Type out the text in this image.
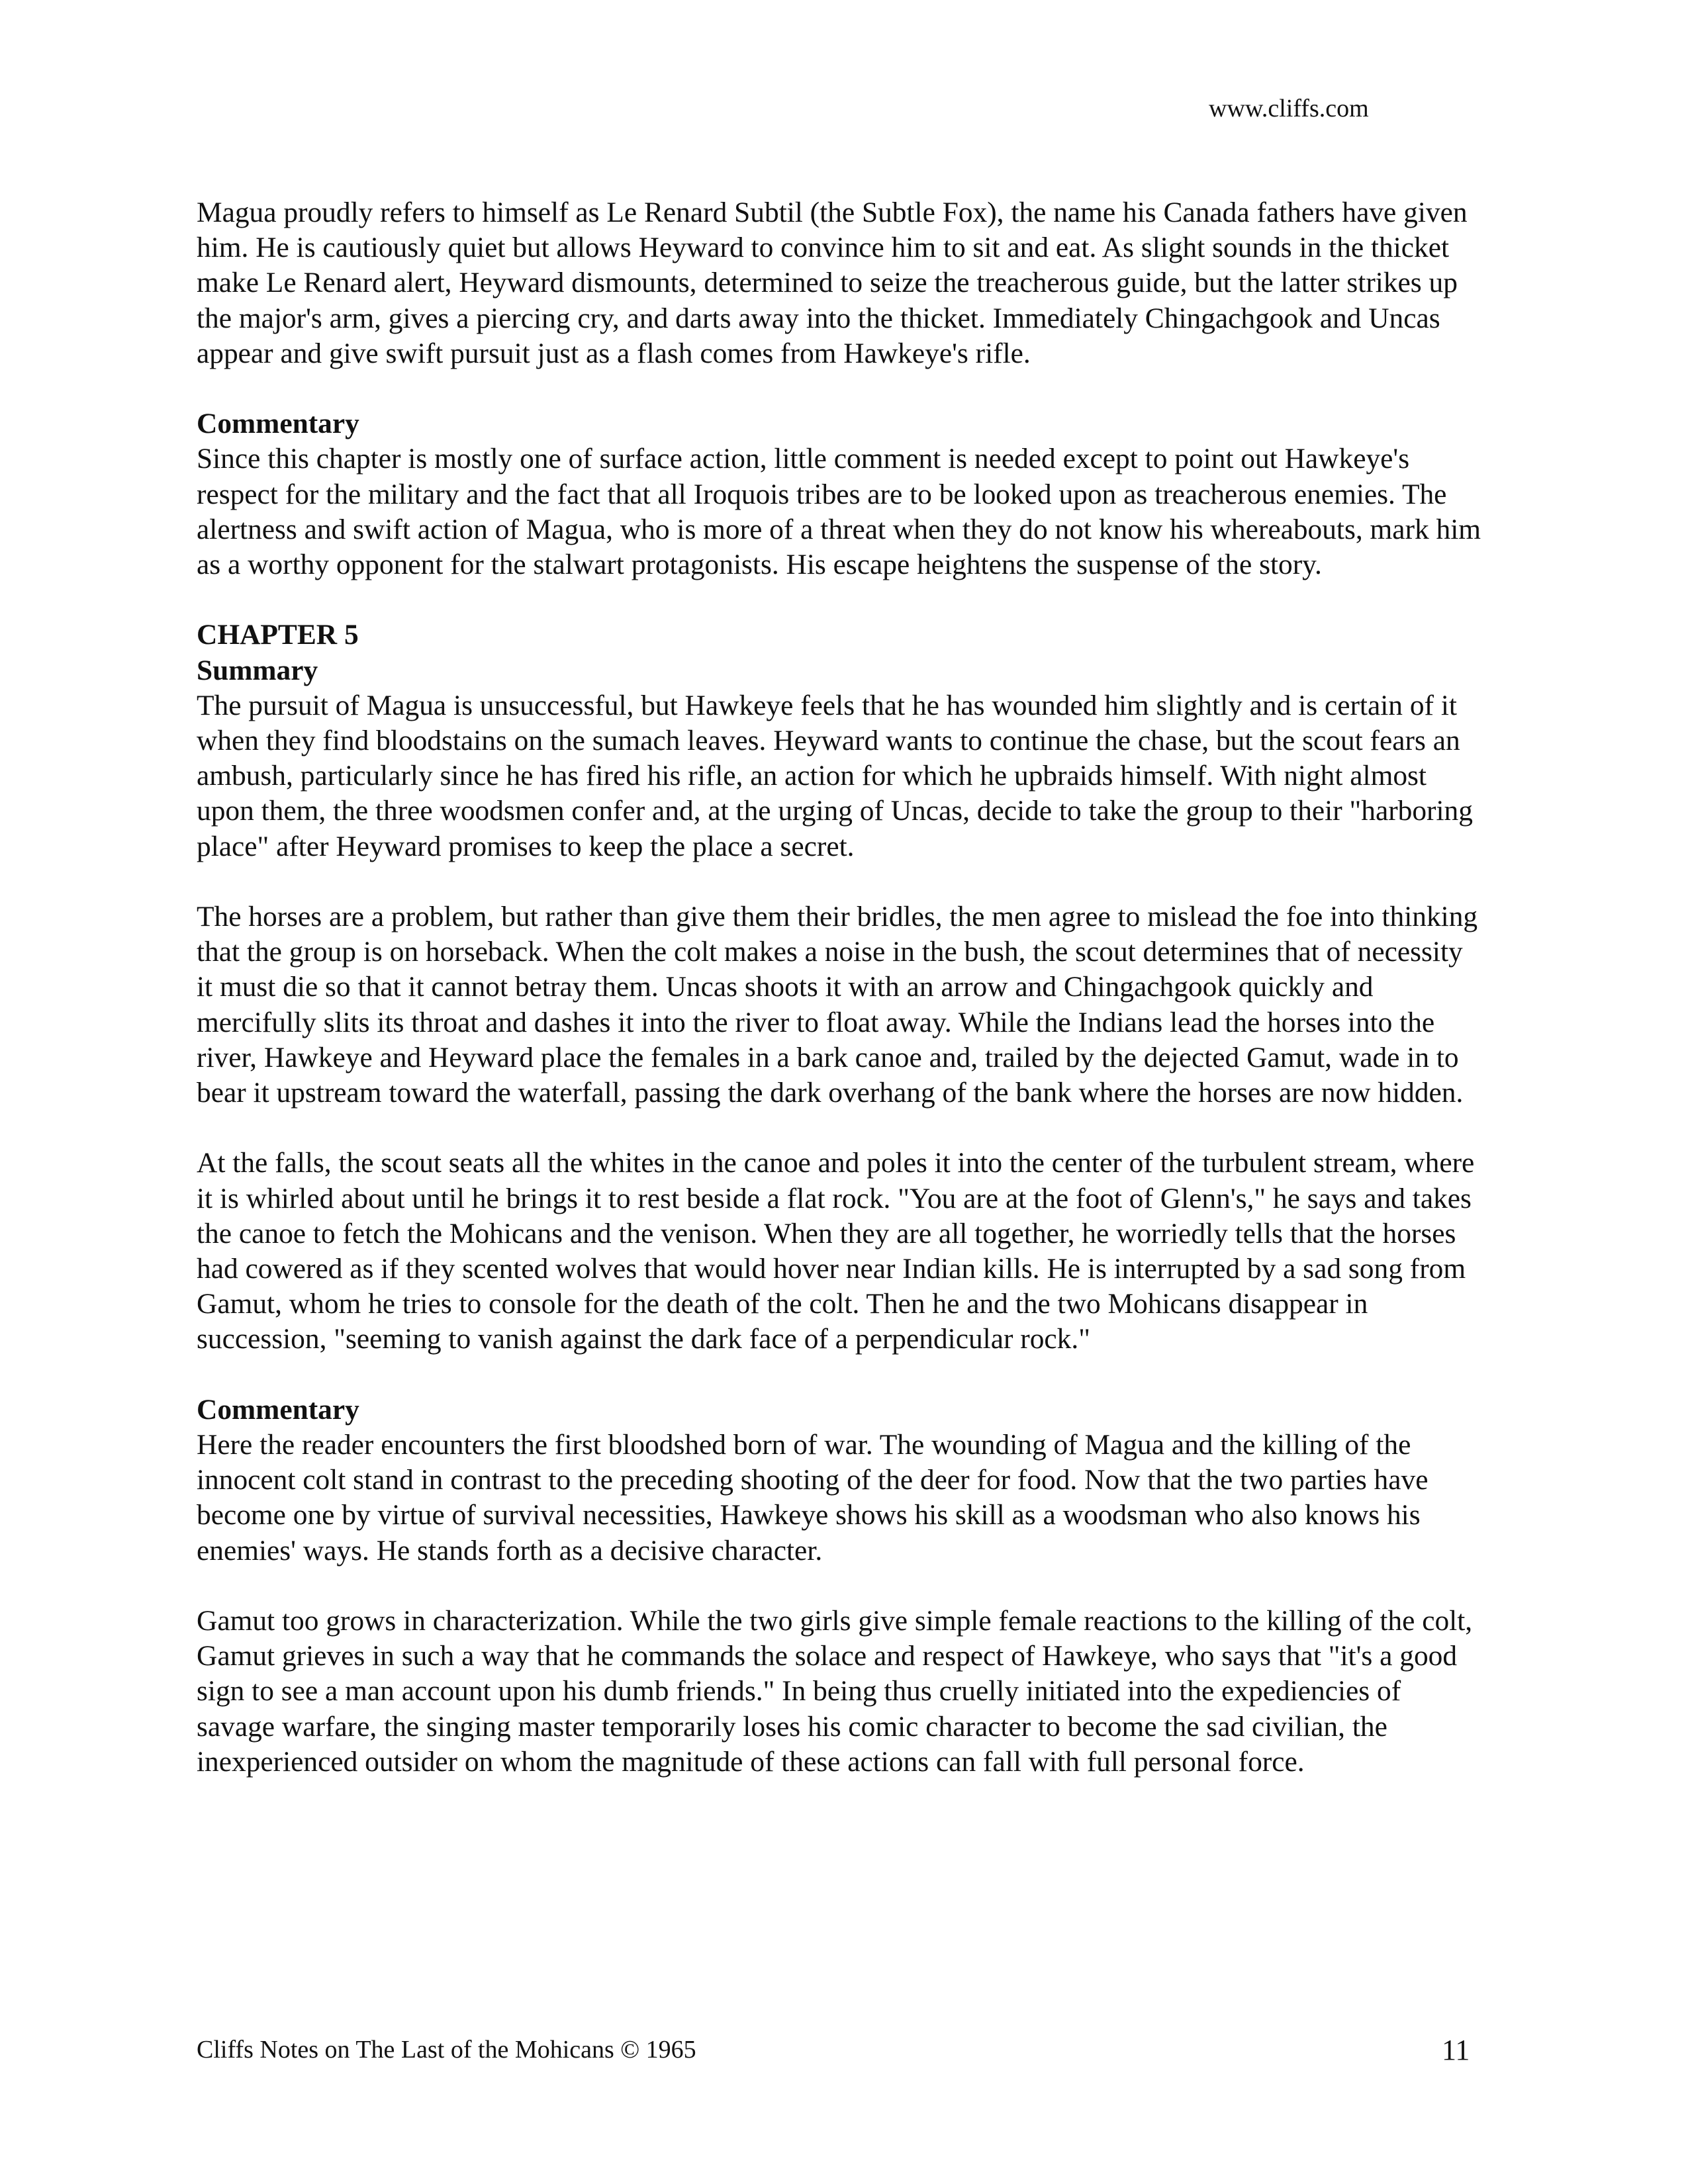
www.cliffs.com

Magua proudly refers to himself as Le Renard Subtil (the Subtle Fox), the name his Canada fathers have given him. He is cautiously quiet but allows Heyward to convince him to sit and eat. As slight sounds in the thicket make Le Renard alert, Heyward dismounts, determined to seize the treacherous guide, but the latter strikes up the major's arm, gives a piercing cry, and darts away into the thicket. Immediately Chingachgook and Uncas appear and give swift pursuit just as a flash comes from Hawkeye's rifle.

Commentary

Since this chapter is mostly one of surface action, little comment is needed except to point out Hawkeye's respect for the military and the fact that all Iroquois tribes are to be looked upon as treacherous enemies. The alertness and swift action of Magua, who is more of a threat when they do not know his whereabouts, mark him as a worthy opponent for the stalwart protagonists. His escape heightens the suspense of the story.

CHAPTER 5

Summary

The pursuit of Magua is unsuccessful, but Hawkeye feels that he has wounded him slightly and is certain of it when they find bloodstains on the sumach leaves. Heyward wants to continue the chase, but the scout fears an ambush, particularly since he has fired his rifle, an action for which he upbraids himself. With night almost upon them, the three woodsmen confer and, at the urging of Uncas, decide to take the group to their "harboring place" after Heyward promises to keep the place a secret.

The horses are a problem, but rather than give them their bridles, the men agree to mislead the foe into thinking that the group is on horseback. When the colt makes a noise in the bush, the scout determines that of necessity it must die so that it cannot betray them. Uncas shoots it with an arrow and Chingachgook quickly and mercifully slits its throat and dashes it into the river to float away. While the Indians lead the horses into the river, Hawkeye and Heyward place the females in a bark canoe and, trailed by the dejected Gamut, wade in to bear it upstream toward the waterfall, passing the dark overhang of the bank where the horses are now hidden.

At the falls, the scout seats all the whites in the canoe and poles it into the center of the turbulent stream, where it is whirled about until he brings it to rest beside a flat rock. "You are at the foot of Glenn's," he says and takes the canoe to fetch the Mohicans and the venison. When they are all together, he worriedly tells that the horses had cowered as if they scented wolves that would hover near Indian kills. He is interrupted by a sad song from Gamut, whom he tries to console for the death of the colt. Then he and the two Mohicans disappear in succession, "seeming to vanish against the dark face of a perpendicular rock."

Commentary

Here the reader encounters the first bloodshed born of war. The wounding of Magua and the killing of the innocent colt stand in contrast to the preceding shooting of the deer for food. Now that the two parties have become one by virtue of survival necessities, Hawkeye shows his skill as a woodsman who also knows his enemies' ways. He stands forth as a decisive character.

Gamut too grows in characterization. While the two girls give simple female reactions to the killing of the colt, Gamut grieves in such a way that he commands the solace and respect of Hawkeye, who says that "it's a good sign to see a man account upon his dumb friends." In being thus cruelly initiated into the expediencies of savage warfare, the singing master temporarily loses his comic character to become the sad civilian, the inexperienced outsider on whom the magnitude of these actions can fall with full personal force.

Cliffs Notes on The Last of the Mohicans © 1965	11
